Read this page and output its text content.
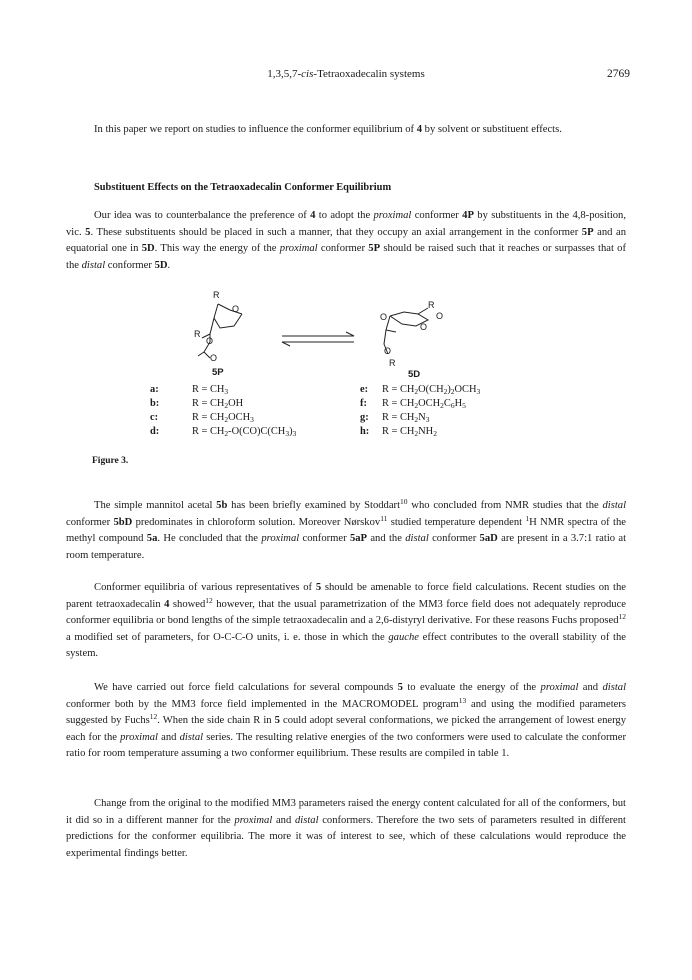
1,3,5,7-cis-Tetraoxadecalin systems	2769

In this paper we report on studies to influence the conformer equilibrium of 4 by solvent or substituent effects.

Substituent Effects on the Tetraoxadecalin Conformer Equilibrium

Our idea was to counterbalance the preference of 4 to adopt the proximal conformer 4P by substituents in the 4,8-position, vic. 5. These substituents should be placed in such a manner, that they occupy an axial arrangement in the conformer 5P and an equatorial one in 5D. This way the energy of the proximal conformer 5P should be raised such that it reaches or surpasses that of the distal conformer 5D.

R
O
R
O
O
R
O
O
O
O
R
5P	5D
a:	$R = CH_3$
b:	$R = CH_2OH$
c:	$R = CH_2OCH_3$
d:	$R = CH_2-O(CO)C(CH_3)_3$
e: $R = CH_2O(CH_2)_2OCH_3$
f: $R = CH_2OCH_2C_6H_5$
g: $R = CH_2N_3$
h: $R = CH_2NH_2$
Figure 3.

The simple mannitol acetal 5b has been briefly examined by Stoddart$^{10}$ who concluded from NMR studies that the distal conformer 5bD predominates in chloroform solution. Moreover Nørskov$^{11}$ studied temperature dependent $^1$H NMR spectra of the methyl compound 5a. He concluded that the proximal conformer 5aP and the distal conformer 5aD are present in a 3.7:1 ratio at room temperature.

Conformer equilibria of various representatives of 5 should be amenable to force field calculations. Recent studies on the parent tetraoxadecalin 4 showed$^{12}$ however, that the usual parametrization of the MM3 force field does not adequately reproduce conformer equilibria or bond lengths of the simple tetraoxadecalin and a 2,6-distyryl derivative. For these reasons Fuchs proposed$^{12}$ a modified set of parameters, for O-C-C-O units, i. e. those in which the gauche effect contributes to the overall stability of the system.

We have carried out force field calculations for several compounds 5 to evaluate the energy of the proximal and distal conformer both by the MM3 force field implemented in the MACROMODEL program$^{13}$ and using the modified parameters suggested by Fuchs$^{12}$. When the side chain R in 5 could adopt several conformations, we picked the arrangement of lowest energy each for the proximal and distal series. The resulting relative energies of the two conformers were used to calculate the conformer ratio for room temperature assuming a two conformer equilibrium. These results are compiled in table 1.

Change from the original to the modified MM3 parameters raised the energy content calculated for all of the conformers, but it did so in a different manner for the proximal and distal conformers. Therefore the two sets of parameters resulted in different predictions for the conformer equilibria. The more it was of interest to see, which of these calculations would reproduce the experimental findings better.
